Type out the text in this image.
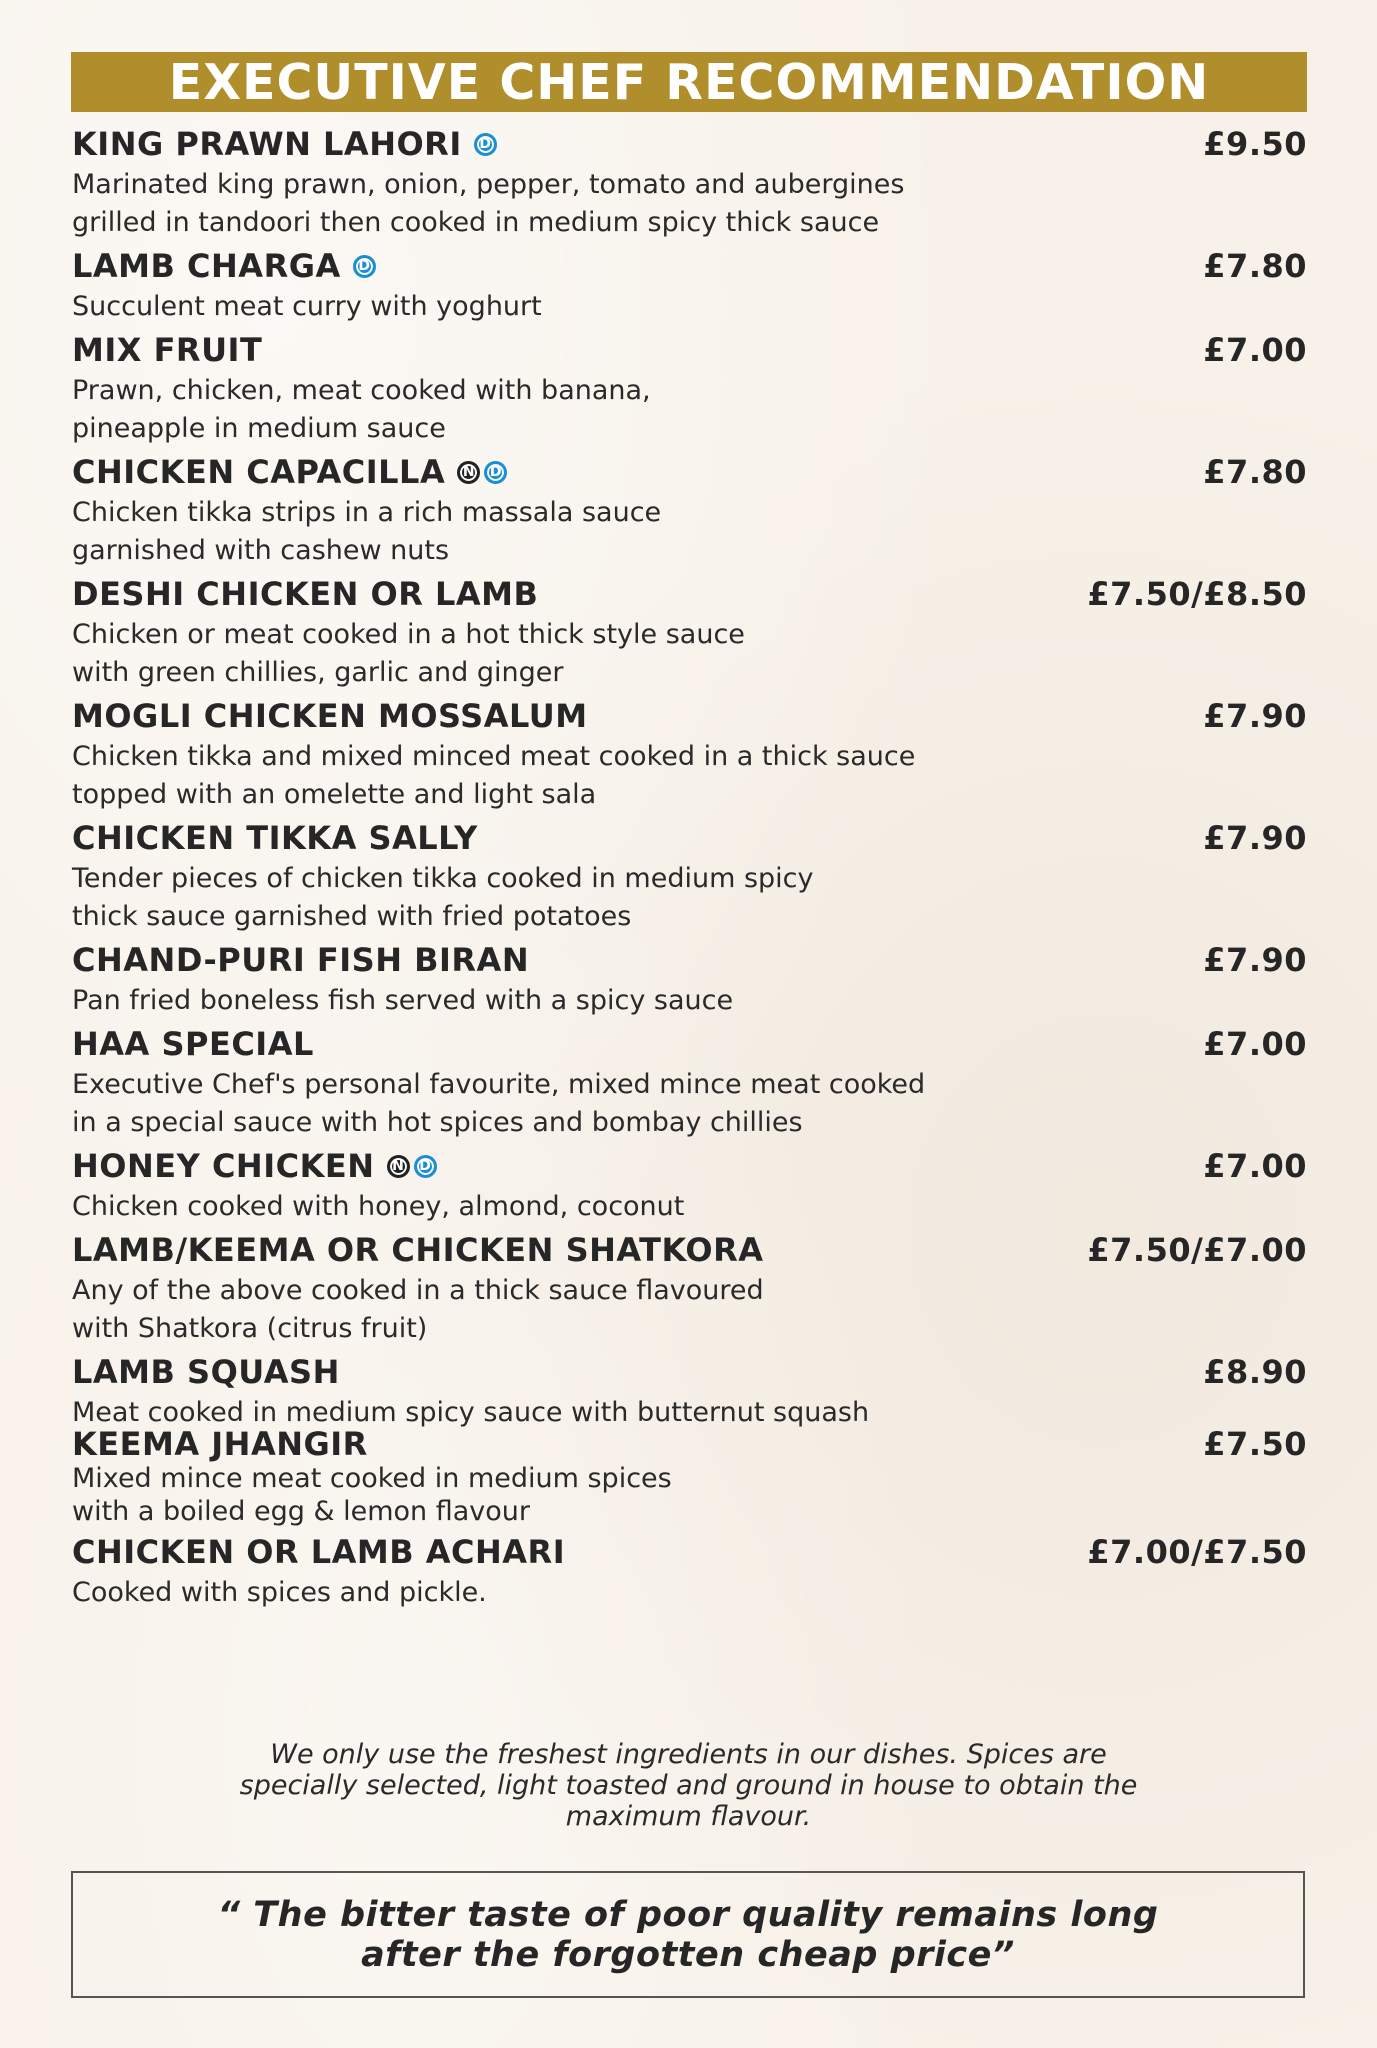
EXECUTIVE CHEF RECOMMENDATION
KING PRAWN LAHORI	D	£9.50
Marinated king prawn, onion, pepper, tomato and aubergines
grilled in tandoori then cooked in medium spicy thick sauce
LAMB CHARGA	D	£7.80
Succulent meat curry with yoghurt
MIX FRUIT	£7.00
Prawn, chicken, meat cooked with banana,
pineapple in medium sauce
CHICKEN CAPACILLA	N	D	£7.80
Chicken tikka strips in a rich massala sauce
garnished with cashew nuts
DESHI CHICKEN OR LAMB	£7.50/£8.50
Chicken or meat cooked in a hot thick style sauce
with green chillies, garlic and ginger
MOGLI CHICKEN MOSSALUM	£7.90
Chicken tikka and mixed minced meat cooked in a thick sauce
topped with an omelette and light sala
CHICKEN TIKKA SALLY	£7.90
Tender pieces of chicken tikka cooked in medium spicy
thick sauce garnished with fried potatoes
CHAND-PURI FISH BIRAN	£7.90
Pan fried boneless fish served with a spicy sauce
HAA SPECIAL	£7.00
Executive Chef's personal favourite, mixed mince meat cooked
in a special sauce with hot spices and bombay chillies
HONEY CHICKEN	N	D	£7.00
Chicken cooked with honey, almond, coconut
LAMB/KEEMA OR CHICKEN SHATKORA	£7.50/£7.00
Any of the above cooked in a thick sauce flavoured
with Shatkora (citrus fruit)
LAMB SQUASH	£8.90
Meat cooked in medium spicy sauce with butternut squash
KEEMA JHANGIR	£7.50
Mixed mince meat cooked in medium spices
with a boiled egg & lemon flavour
CHICKEN OR LAMB ACHARI	£7.00/£7.50
Cooked with spices and pickle.
We only use the freshest ingredients in our dishes. Spices are
specially selected, light toasted and ground in house to obtain the
maximum flavour.
“ The bitter taste of poor quality remains long
after the forgotten cheap price”
